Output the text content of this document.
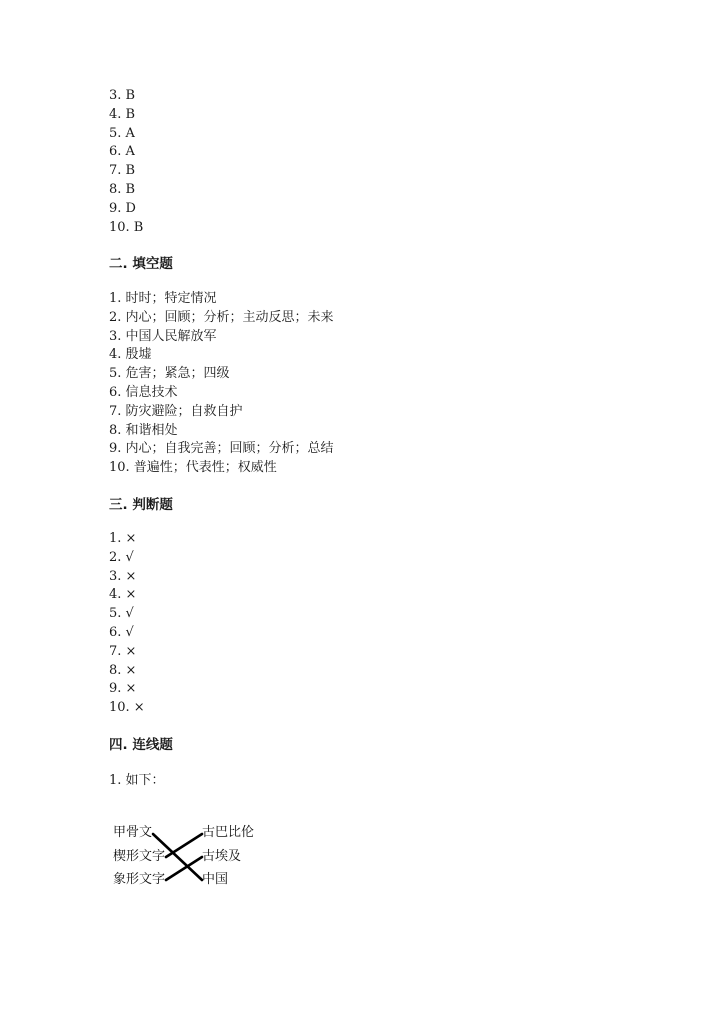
3. B
4. B
5. A
6. A
7. B
8. B
9. D
10. B
二. 填空题
1. 时时；特定情况
2. 内心；回顾；分析；主动反思；未来
3. 中国人民解放军
4. 殷墟
5. 危害；紧急；四级
6. 信息技术
7. 防灾避险；自救自护
8. 和谐相处
9. 内心；自我完善；回顾；分析；总结
10. 普遍性；代表性；权威性
三. 判断题
1. ×
2. √
3. ×
4. ×
5. √
6. √
7. ×
8. ×
9. ×
10. ×
四. 连线题

1. 如下：

甲骨文
楔形文字
象形文字
古巴比伦
古埃及
中国
